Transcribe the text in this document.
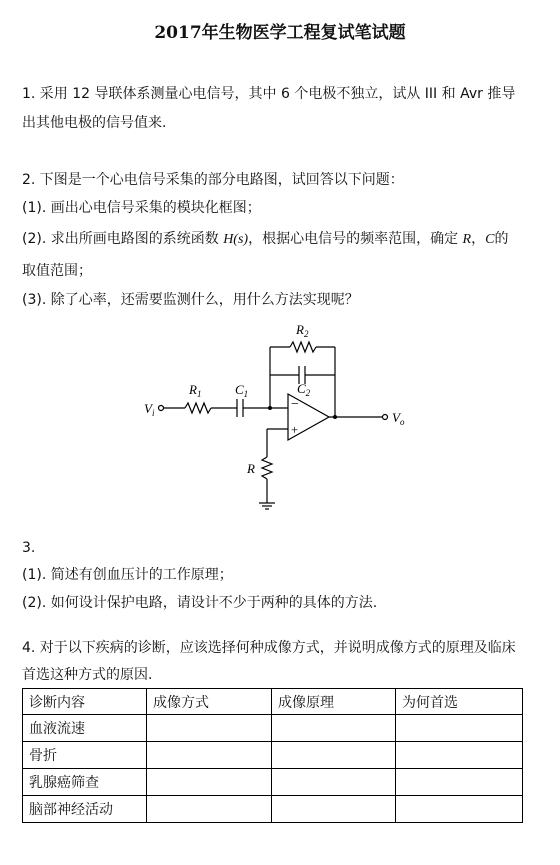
2017年生物医学工程复试笔试题
1. 采用 12 导联体系测量心电信号，其中 6 个电极不独立，试从 III 和 Avr 推导
出其他电极的信号值来.
2. 下图是一个心电信号采集的部分电路图，试回答以下问题：
(1). 画出心电信号采集的模块化框图；
(2). 求出所画电路图的系统函数 H(s)，根据心电信号的频率范围，确定 R，C的
取值范围；
(3). 除了心率，还需要监测什么，用什么方法实现呢？
$V_i$	$V_o$
$R_1$	$C_1$
$R_2$
$C_2$
R
−
+
3.
(1). 简述有创血压计的工作原理；
(2). 如何设计保护电路，请设计不少于两种的具体的方法.
4. 对于以下疾病的诊断，应该选择何种成像方式，并说明成像方式的原理及临床
首选这种方式的原因.
诊断内容	成像方式	成像原理	为何首选
血液流速			
骨折			
乳腺癌筛查			
脑部神经活动			
